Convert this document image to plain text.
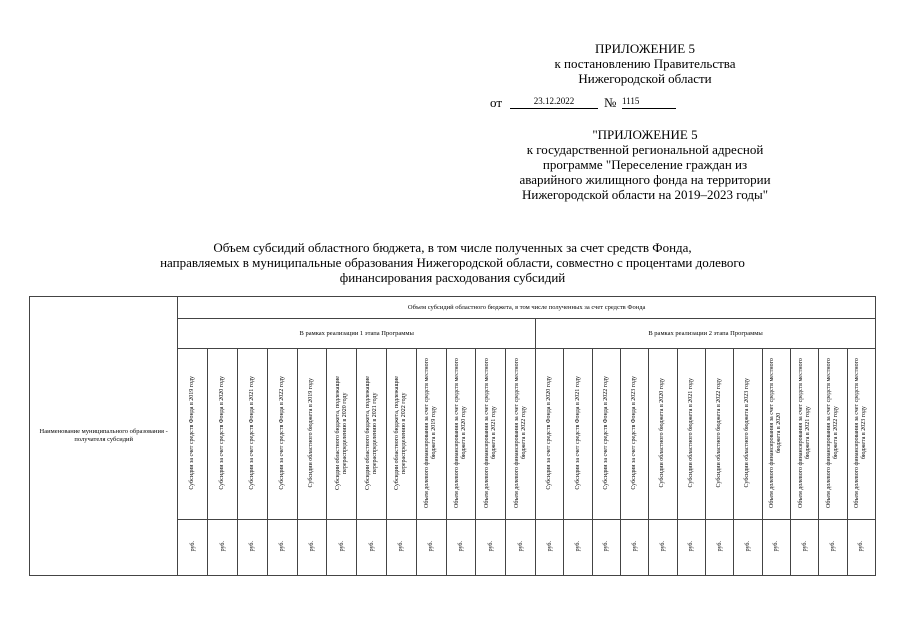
ПРИЛОЖЕНИЕ 5
к постановлению Правительства
Нижегородской области
от	23.12.2022	№ 1115
"ПРИЛОЖЕНИЕ 5
к государственной региональной адресной
программе "Переселение граждан из
аварийного жилищного фонда на территории
Нижегородской области на 2019–2023 годы"
Объем субсидий областного бюджета, в том числе полученных за счет средств Фонда,
направляемых в муниципальные образования Нижегородской области, совместно с процентами долевого
финансирования расходования субсидий
Наименование муниципального образования - получателя субсидий	Объем субсидий областного бюджета, в том числе полученных за счет средств Фонда																							
	В рамках реализации 1 этапа Программы												В рамках реализации 2 этапа Программы											
	Субсидии за счет средств Фонда в 2019 году	Субсидии за счет средств Фонда в 2020 году	Субсидии за счет средств Фонда в 2021 году	Субсидии за счет средств Фонда в 2022 году	Субсидии областного бюджета в 2019 году	Субсидии областного бюджета, подлежащие перераспределению в 2020 году	Субсидии областного бюджета, подлежащие перераспределению в 2021 году	Субсидии областного бюджета, подлежащие перераспределению в 2022 году	Объем долевого финансирования за счет средств местного бюджета в 2019 году	Объем долевого финансирования за счет средств местного бюджета в 2020 году	Объем долевого финансирования за счет средств местного бюджета в 2021 году	Объем долевого финансирования за счет средств местного бюджета в 2022 году	Субсидии за счет средств Фонда в 2020 году	Субсидии за счет средств Фонда в 2021 году	Субсидии за счет средств Фонда в 2022 году	Субсидии за счет средств Фонда в 2023 году	Субсидии областного бюджета в 2020 году	Субсидии областного бюджета в 2021 году	Субсидии областного бюджета в 2022 году	Субсидии областного бюджета в 2023 году	Объем долевого финансирования за счет средств местного бюджета в 2020	Объем долевого финансирования за счет средств местного бюджета в 2021 году	Объем долевого финансирования за счет средств местного бюджета в 2022 году	Объем долевого финансирования за счет средств местного бюджета в 2023 году
	руб.	руб.	руб.	руб.	руб.	руб.	руб.	руб.	руб.	руб.	руб.	руб.	руб.	руб.	руб.	руб.	руб.	руб.	руб.	руб.	руб.	руб.	руб.	руб.
